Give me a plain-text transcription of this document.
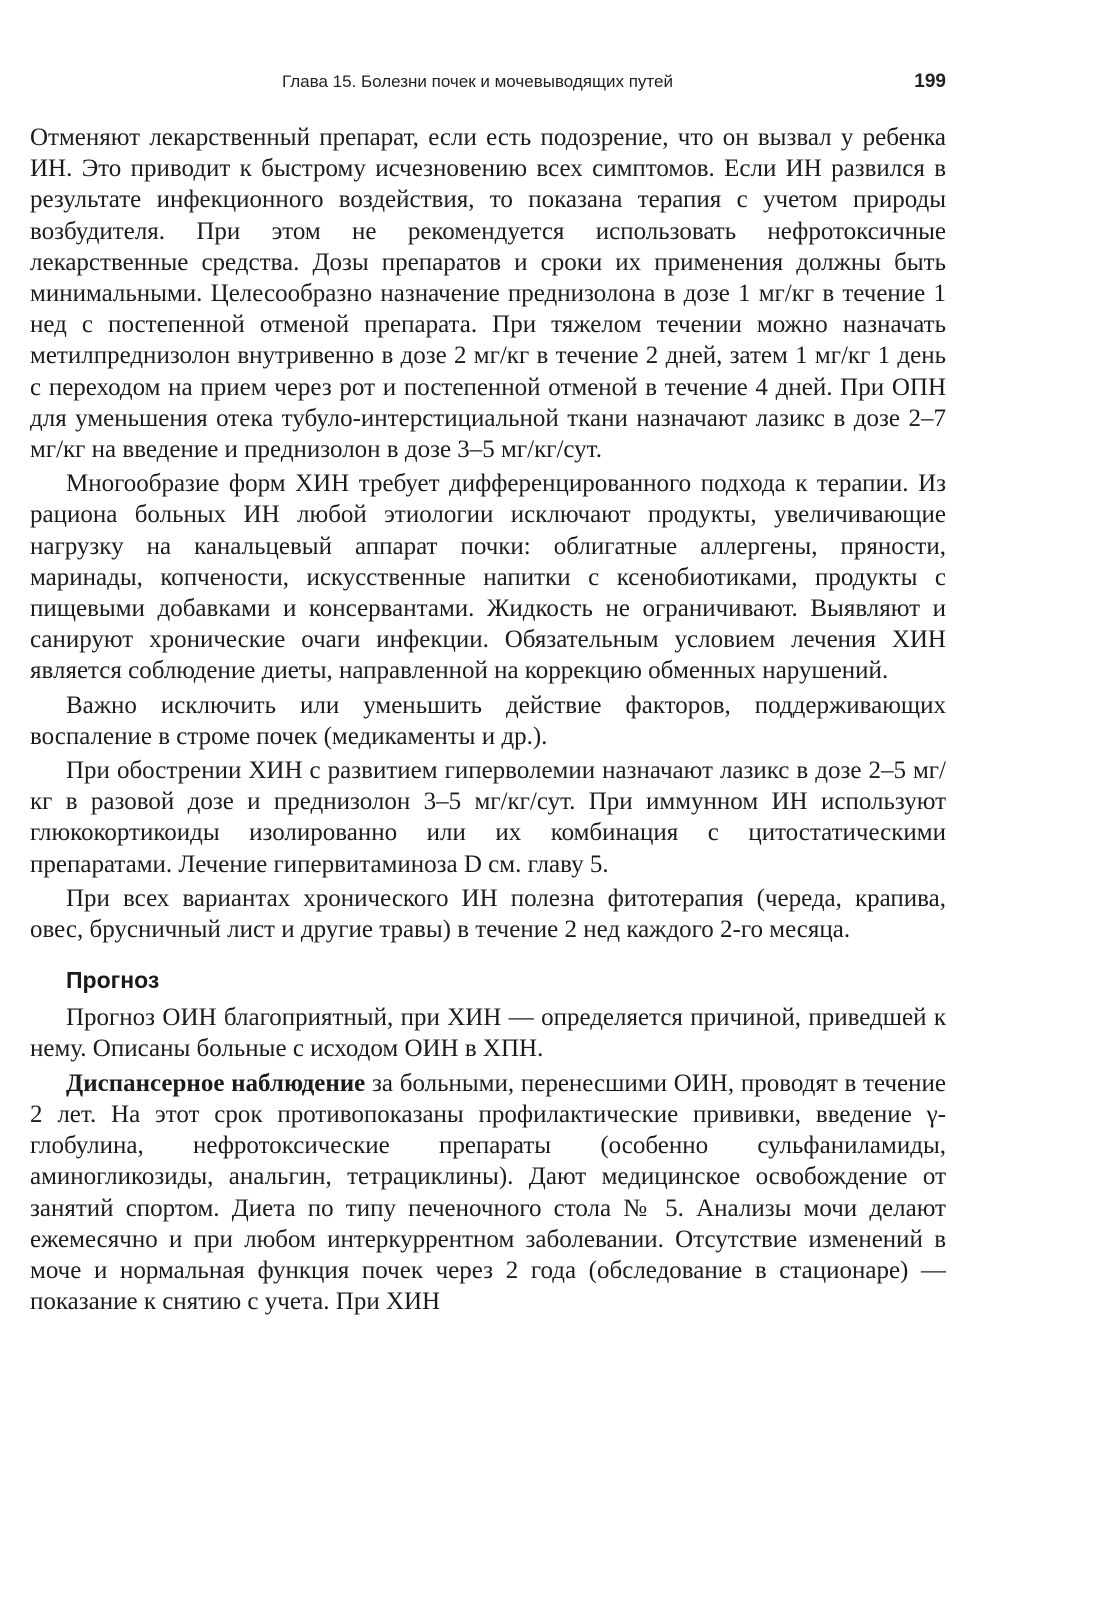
Глава 15. Болезни почек и мочевыводящих путей	199

Отменяют лекарственный препарат, если есть подозрение, что он вызвал у ребенка ИН. Это приводит к быстрому исчезновению всех симптомов. Если ИН развился в результате инфекционного воздействия, то показана терапия с учетом природы возбудителя. При этом не рекомендуется использовать нефротоксичные лекарственные средства. Дозы препаратов и сроки их применения должны быть минимальными. Целесообразно назначение преднизолона в дозе 1 мг/кг в течение 1 нед с постепенной отменой препарата. При тяжелом течении можно назначать метилпреднизолон внутривенно в дозе 2 мг/кг в течение 2 дней, затем 1 мг/кг 1 день с переходом на прием через рот и постепенной отменой в течение 4 дней. При ОПН для уменьшения отека тубуло-интерстициальной ткани назначают лазикс в дозе 2–7 мг/кг на введение и преднизолон в дозе 3–5 мг/кг/сут.

Многообразие форм ХИН требует дифференцированного подхода к терапии. Из рациона больных ИН любой этиологии исключают продукты, увеличивающие нагрузку на канальцевый аппарат почки: облигатные аллергены, пряности, маринады, копчености, искусственные напитки с ксенобиотиками, продукты с пищевыми добавками и консервантами. Жидкость не ограничивают. Выявляют и санируют хронические очаги инфекции. Обязательным условием лечения ХИН является соблюдение диеты, направленной на коррекцию обменных нарушений.

Важно исключить или уменьшить действие факторов, поддерживающих воспаление в строме почек (медикаменты и др.).

При обострении ХИН с развитием гиперволемии назначают лазикс в дозе 2–5 мг/кг в разовой дозе и преднизолон 3–5 мг/кг/сут. При иммунном ИН используют глюкокортикоиды изолированно или их комбинация с цитостатическими препаратами. Лечение гипервитаминоза D см. главу 5.

При всех вариантах хронического ИН полезна фитотерапия (череда, крапива, овес, брусничный лист и другие травы) в течение 2 нед каждого 2-го месяца.

Прогноз

Прогноз ОИН благоприятный, при ХИН — определяется причиной, приведшей к нему. Описаны больные с исходом ОИН в ХПН.

Диспансерное наблюдение за больными, перенесшими ОИН, проводят в течение 2 лет. На этот срок противопоказаны профилактические прививки, введение γ-глобулина, нефротоксические препараты (особенно сульфаниламиды, аминогликозиды, анальгин, тетрациклины). Дают медицинское освобождение от занятий спортом. Диета по типу печеночного стола № 5. Анализы мочи делают ежемесячно и при любом интеркуррентном заболевании. Отсутствие изменений в моче и нормальная функция почек через 2 года (обследование в стационаре) — показание к снятию с учета. При ХИН
